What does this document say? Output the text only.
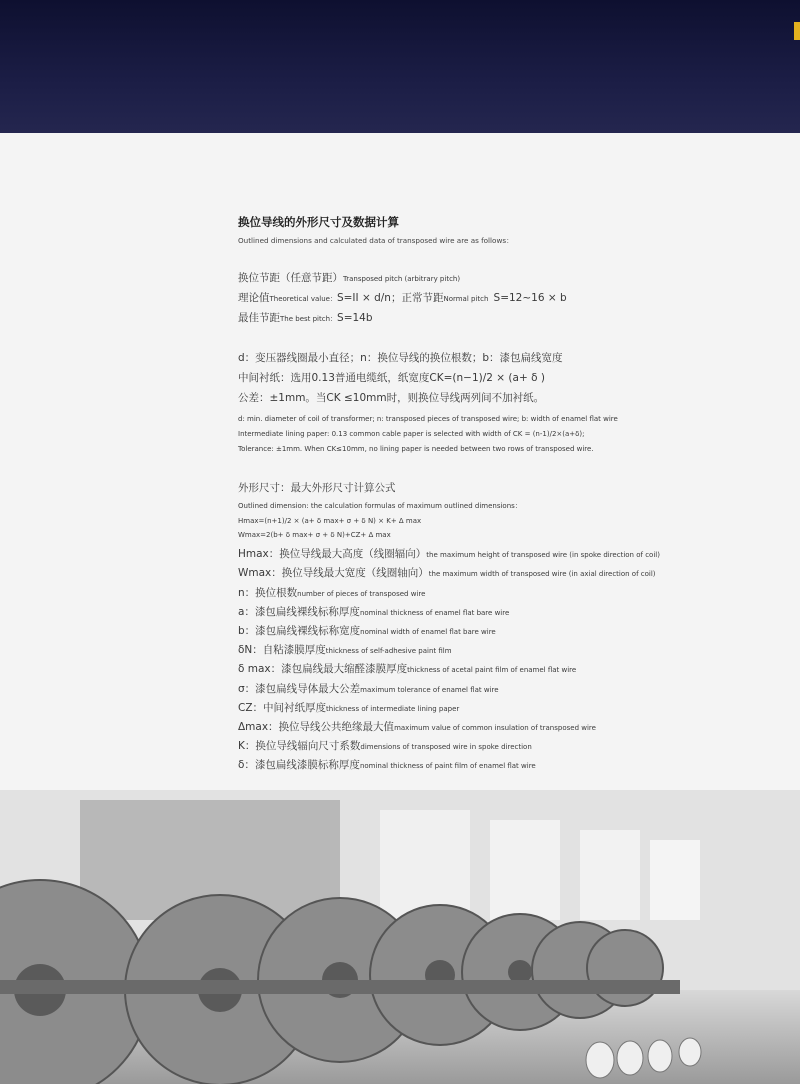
换位导线的外形尺寸及数据计算

Outlined dimensions and calculated data of transposed wire are as follows：

换位节距（任意节距）Transposed pitch (arbitrary pitch)

理论值Theoretical value：S=II × d/n；正常节距Normal pitch S=12~16 × b

最佳节距The best pitch：S=14b

d：变压器线圈最小直径；n：换位导线的换位根数；b：漆包扁线宽度

中间衬纸：选用0.13普通电缆纸，纸宽度CK=(n−1)/2 × (a+ δ )

公差：±1mm。当CK ≤10mm时，则换位导线两列间不加衬纸。

d: min. diameter of coil of transformer; n: transposed pieces of transposed wire; b: width of enamel flat wire

Intermediate lining paper: 0.13 common cable paper is selected with width of CK = (n-1)/2×(a+δ);

Tolerance: ±1mm. When CK≤10mm, no lining paper is needed between two rows of transposed wire.

外形尺寸：最大外形尺寸计算公式

Outlined dimension: the calculation formulas of maximum outlined dimensions：

Hmax=(n+1)/2 × (a+ δ max+ σ + δ N) × K+ Δ max

Wmax=2(b+ δ max+ σ + δ N)+CZ+ Δ max

Hmax：换位导线最大高度（线圈辐向）the maximum height of transposed wire (in spoke direction of coil)

Wmax：换位导线最大宽度（线圈轴向）the maximum width of transposed wire (in axial direction of coil)

n：换位根数number of pieces of transposed wire

a：漆包扁线裸线标称厚度nominal thickness of enamel flat bare wire

b：漆包扁线裸线标称宽度nominal width of enamel flat bare wire

δN：自粘漆膜厚度thickness of self-adhesive paint film

δ max：漆包扁线最大缩醛漆膜厚度thickness of acetal paint film of enamel flat wire

σ：漆包扁线导体最大公差maximum tolerance of enamel flat wire

CZ：中间衬纸厚度thickness of intermediate lining paper

Δmax：换位导线公共绝缘最大值maximum value of common insulation of transposed wire

K：换位导线辐向尺寸系数dimensions of transposed wire in spoke direction

δ：漆包扁线漆膜标称厚度nominal thickness of paint film of enamel flat wire
